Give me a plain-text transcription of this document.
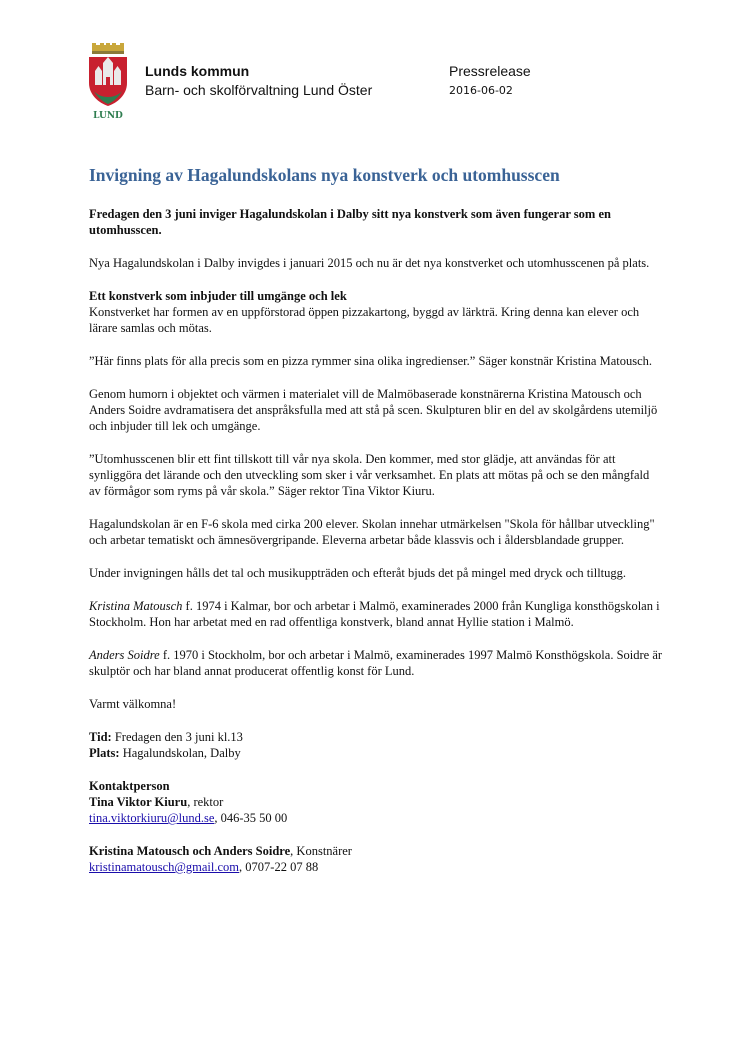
LUND
Lunds kommun
Barn- och skolförvaltning Lund Öster
Pressrelease
2016-06-02
Invigning av Hagalundskolans nya konstverk och utomhusscen

Fredagen den 3 juni inviger Hagalundskolan i Dalby sitt nya konstverk som även fungerar som en utomhusscen.

Nya Hagalundskolan i Dalby invigdes i januari 2015 och nu är det nya konstverket och utomhusscenen på plats.

Ett konstverk som inbjuder till umgänge och lek
Konstverket har formen av en uppförstorad öppen pizzakartong, byggd av lärkträ. Kring denna kan elever och lärare samlas och mötas.

”Här finns plats för alla precis som en pizza rymmer sina olika ingredienser.” Säger konstnär Kristina Matousch.

Genom humorn i objektet och värmen i materialet vill de Malmöbaserade konstnärerna Kristina Matousch och Anders Soidre avdramatisera det anspråksfulla med att stå på scen. Skulpturen blir en del av skolgårdens utemiljö och inbjuder till lek och umgänge.

”Utomhusscenen blir ett fint tillskott till vår nya skola. Den kommer, med stor glädje, att användas för att synliggöra det lärande och den utveckling som sker i vår verksamhet. En plats att mötas på och se den mångfald av förmågor som ryms på vår skola.” Säger rektor Tina Viktor Kiuru.

Hagalundskolan är en F-6 skola med cirka 200 elever. Skolan innehar utmärkelsen "Skola för hållbar utveckling" och arbetar tematiskt och ämnesövergripande. Eleverna arbetar både klassvis och i åldersblandade grupper.

Under invigningen hålls det tal och musikuppträden och efteråt bjuds det på mingel med dryck och tilltugg.

Kristina Matousch f. 1974 i Kalmar, bor och arbetar i Malmö, examinerades 2000 från Kungliga konsthögskolan i Stockholm. Hon har arbetat med en rad offentliga konstverk, bland annat Hyllie station i Malmö.

Anders Soidre f. 1970 i Stockholm, bor och arbetar i Malmö, examinerades 1997 Malmö Konsthögskola. Soidre är skulptör och har bland annat producerat offentlig konst för Lund.

Varmt välkomna!

Tid: Fredagen den 3 juni kl.13
Plats: Hagalundskolan, Dalby

Kontaktperson
Tina Viktor Kiuru, rektor
tina.viktorkiuru@lund.se, 046-35 50 00

Kristina Matousch och Anders Soidre, Konstnärer
kristinamatousch@gmail.com, 0707-22 07 88
